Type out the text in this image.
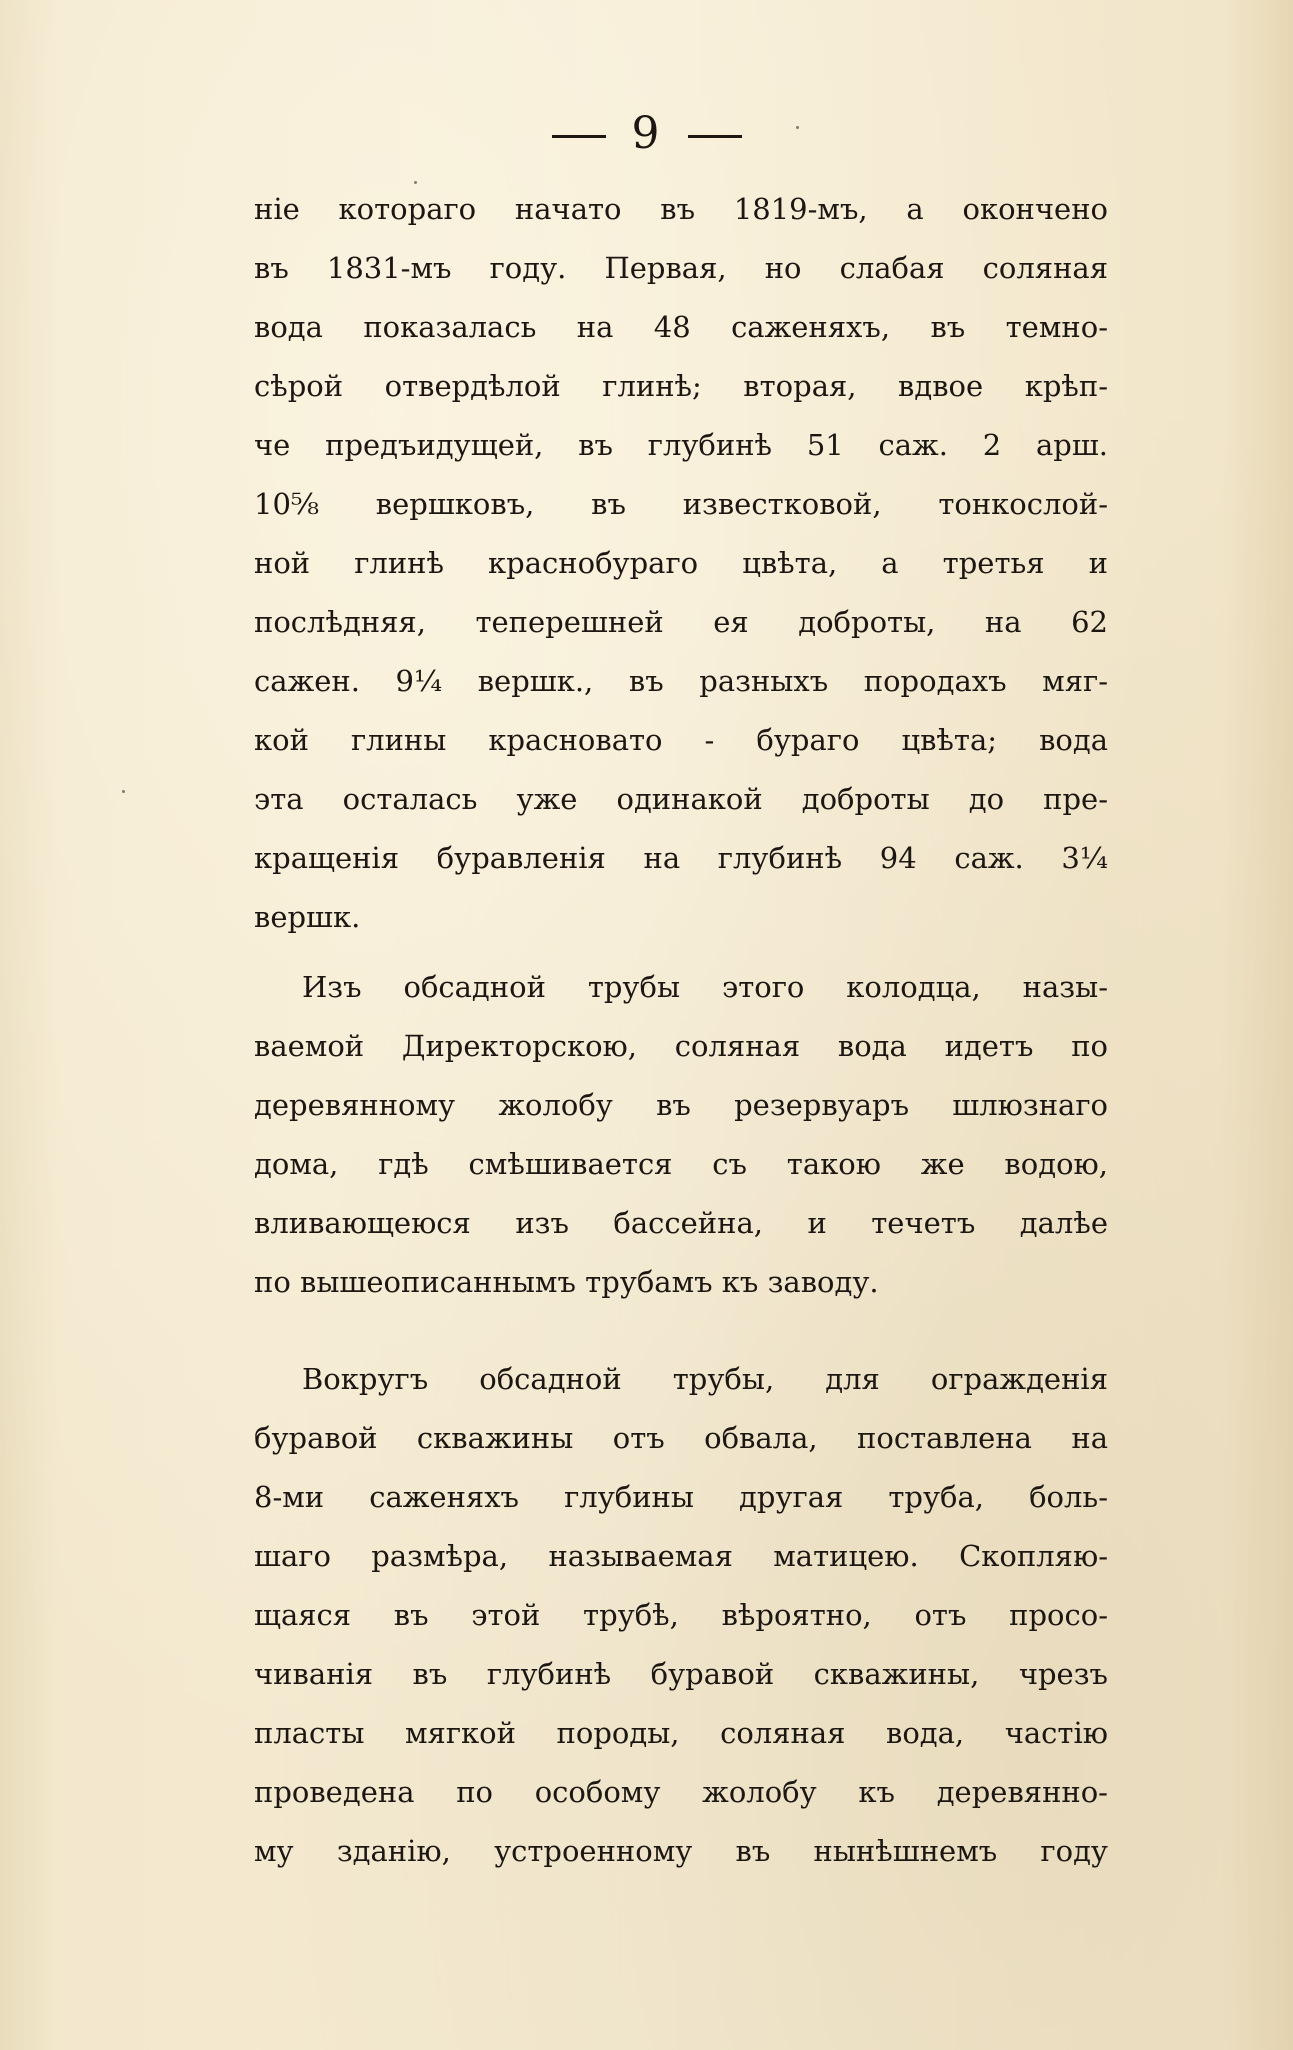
9
ніе котораго начато въ 1819-мъ, а окончено
въ 1831-мъ году. Первая, но слабая соляная
вода показалась на 48 саженяхъ, въ темно-
сѣрой отвердѣлой глинѣ; вторая, вдвое крѣп-
че предъидущей, въ глубинѣ 51 саж. 2 арш.
10⅝ вершковъ, въ известковой, тонкослой-
ной глинѣ краснобураго цвѣта, а третья и
послѣдняя, теперешней ея доброты, на 62
сажен. 9¼ вершк., въ разныхъ породахъ мяг-
кой глины красновато - бураго цвѣта; вода
эта осталась уже одинакой доброты до пре-
кращенія буравленія на глубинѣ 94 саж. 3¼
вершк.
Изъ обсадной трубы этого колодца, назы-
ваемой Директорскою, соляная вода идетъ по
деревянному жолобу въ резервуаръ шлюзнаго
дома, гдѣ смѣшивается съ такою же водою,
вливающеюся изъ бассейна, и течетъ далѣе
по вышеописаннымъ трубамъ къ заводу.
Вокругъ обсадной трубы, для огражденія
буравой скважины отъ обвала, поставлена на
8-ми саженяхъ глубины другая труба, боль-
шаго размѣра, называемая матицею. Скопляю-
щаяся въ этой трубѣ, вѣроятно, отъ просо-
чиванія въ глубинѣ буравой скважины, чрезъ
пласты мягкой породы, соляная вода, частію
проведена по особому жолобу къ деревянно-
му зданію, устроенному въ нынѣшнемъ году
